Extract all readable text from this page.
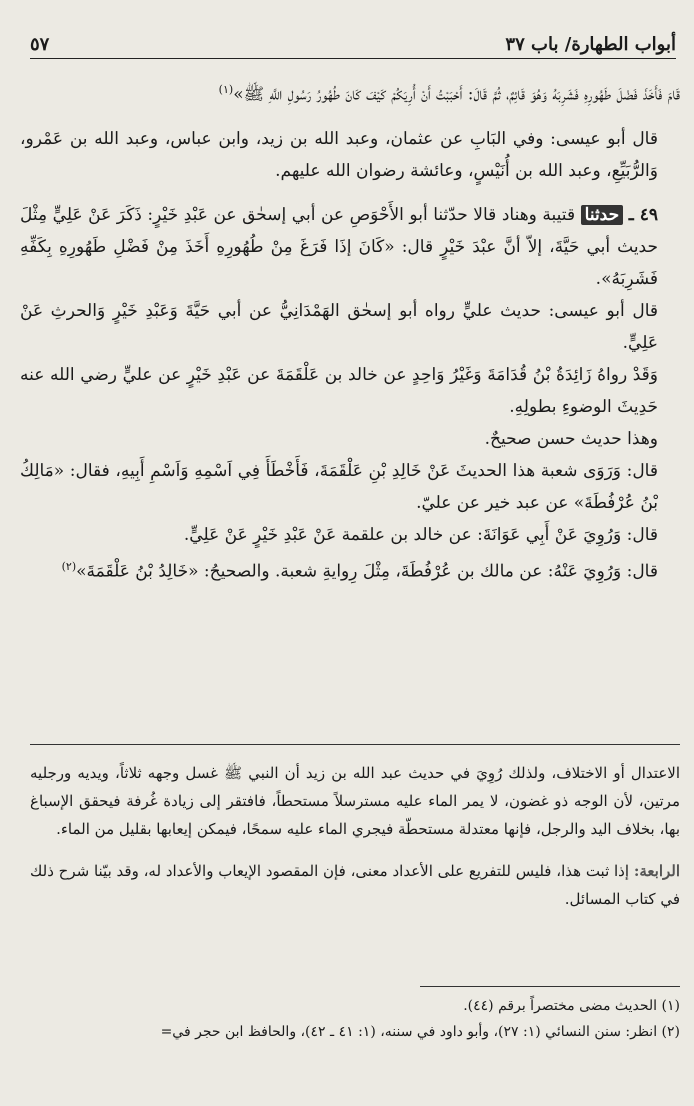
أبواب الطهارة/ باب ٣٧
٥٧

قَامَ فَأَخَذَ فَضْلَ طَهُورِهِ فَشَرِبَهُ وَهُوَ قَائِمٌ، ثُمَّ قَالَ: أَحْبَبْتُ أَنْ أُرِيَكُمْ كَيْفَ كَانَ طُهُورُ رَسُولِ اللَّهِ ﷺ»$^{(١)}$

قال أبو عيسى: وفي البَابِ عن عثمان، وعبد الله بن زيد، وابن عباس، وعبد الله بن عَمْرو، وَالرُّبَيِّعِ، وعبد الله بن أُنَيْسٍ، وعائشة رضوان الله عليهم.

٤٩ ـ حدثنا قتيبة وهناد قالا حدّثنا أبو الأَحْوَصِ عن أبي إسحٰق عن عَبْدِ خَيْرٍ: ذَكَرَ عَنْ عَلِيٍّ مِثْلَ حديث أبي حَيَّةَ، إلاّ أنَّ عبْدَ خَيْرٍ قال: «كَانَ إذَا فَرَغَ مِنْ طُهُورِهِ أَخَذَ مِنْ فَضْلِ طَهُورِهِ بِكَفِّهِ فَشَرِبَهُ».

قال أبو عيسى: حديث عليٍّ رواه أبو إسحٰق الهَمْدَانِيُّ عن أبي حَيَّةَ وَعَبْدِ خَيْرٍ وَالحرثِ عَنْ عَلِيٍّ.

وَقَدْ رواهُ زَائِدَةُ بْنُ قُدَامَةَ وَغَيْرُ وَاحِدٍ عن خالد بن عَلْقَمَةَ عن عَبْدِ خَيْرٍ عن عليٍّ رضي الله عنه حَدِيثَ الوضوءِ بطولِهِ.

وهذا حديث حسن صحيحٌ.

قال: وَرَوَى شعبة هذا الحديثَ عَنْ خَالِدِ بْنِ عَلْقَمَةَ، فَأَخْطَأَ فِي اَسْمِهِ وَاَسْمِ أَبِيهِ، فقال: «مَالِكُ بْنُ عُرْفُطَةَ» عن عبد خير عن عليّ.

قال: وَرُوِيَ عَنْ أَبِي عَوَانَةَ: عن خالد بن علقمة عَنْ عَبْدِ خَيْرٍ عَنْ عَلِيٍّ.

قال: وَرُوِيَ عَنْهُ: عن مالك بن عُرْفُطَةَ، مِثْلَ رِوايةِ شعبة. والصحيحُ: «خَالِدُ بْنُ عَلْقَمَةَ»$^{(٢)}$

الاعتدال أو الاختلاف، ولذلك رُوِيَ في حديث عبد الله بن زيد أن النبي ﷺ غسل وجهه ثلاثاً، ويديه ورجليه مرتين، لأن الوجه ذو غضون، لا يمر الماء عليه مسترسلاً مستحطاً، فافتقر إلى زيادة غُرفة فيحقق الإسباغ بها، بخلاف اليد والرجل، فإنها معتدلة مستحطّة فيجري الماء عليه سمحًا، فيمكن إيعابها بقليل من الماء.

الرابعة: إذا ثبت هذا، فليس للتفريع على الأعداد معنى، فإن المقصود الإيعاب والأعداد له، وقد بيّنا شرح ذلك في كتاب المسائل.

(١) الحديث مضى مختصراً برقم (٤٤).

(٢) انظر: سنن النسائي (١: ٢٧)، وأبو داود في سننه، (١: ٤١ ـ ٤٢)، والحافظ ابن حجر في=
